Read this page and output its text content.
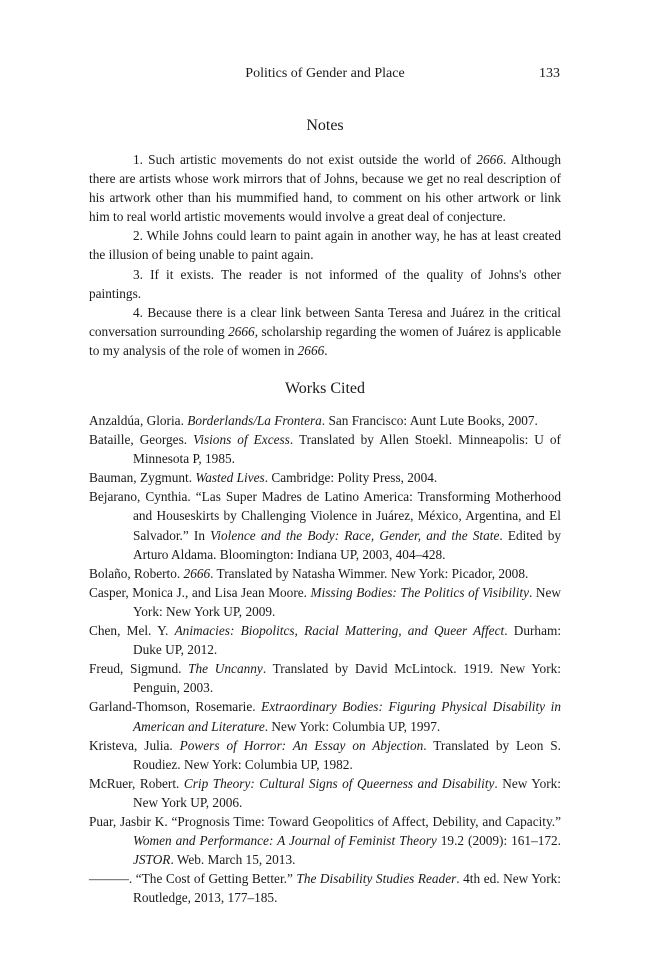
Politics of Gender and Place	133
Notes

1. Such artistic movements do not exist outside the world of 2666. Although there are artists whose work mirrors that of Johns, because we get no real description of his artwork other than his mummified hand, to comment on his other artwork or link him to real world artistic movements would involve a great deal of conjecture.

2. While Johns could learn to paint again in another way, he has at least created the illusion of being unable to paint again.

3. If it exists. The reader is not informed of the quality of Johns's other paintings.

4. Because there is a clear link between Santa Teresa and Juárez in the critical conversation surrounding 2666, scholarship regarding the women of Juárez is applicable to my analysis of the role of women in 2666.

Works Cited

Anzaldúa, Gloria. Borderlands/La Frontera. San Francisco: Aunt Lute Books, 2007.

Bataille, Georges. Visions of Excess. Translated by Allen Stoekl. Minneapolis: U of Minnesota P, 1985.

Bauman, Zygmunt. Wasted Lives. Cambridge: Polity Press, 2004.

Bejarano, Cynthia. “Las Super Madres de Latino America: Transforming Motherhood and Houseskirts by Challenging Violence in Juárez, México, Argentina, and El Salvador.” In Violence and the Body: Race, Gender, and the State. Edited by Arturo Aldama. Bloomington: Indiana UP, 2003, 404–428.

Bolaño, Roberto. 2666. Translated by Natasha Wimmer. New York: Picador, 2008.

Casper, Monica J., and Lisa Jean Moore. Missing Bodies: The Politics of Visibility. New York: New York UP, 2009.

Chen, Mel. Y. Animacies: Biopolitcs, Racial Mattering, and Queer Affect. Durham: Duke UP, 2012.

Freud, Sigmund. The Uncanny. Translated by David McLintock. 1919. New York: Penguin, 2003.

Garland-Thomson, Rosemarie. Extraordinary Bodies: Figuring Physical Disability in American and Literature. New York: Columbia UP, 1997.

Kristeva, Julia. Powers of Horror: An Essay on Abjection. Translated by Leon S. Roudiez. New York: Columbia UP, 1982.

McRuer, Robert. Crip Theory: Cultural Signs of Queerness and Disability. New York: New York UP, 2006.

Puar, Jasbir K. “Prognosis Time: Toward Geopolitics of Affect, Debility, and Capacity.” Women and Performance: A Journal of Feminist Theory 19.2 (2009): 161–172. JSTOR. Web. March 15, 2013.

———. “The Cost of Getting Better.” The Disability Studies Reader. 4th ed. New York: Routledge, 2013, 177–185.
